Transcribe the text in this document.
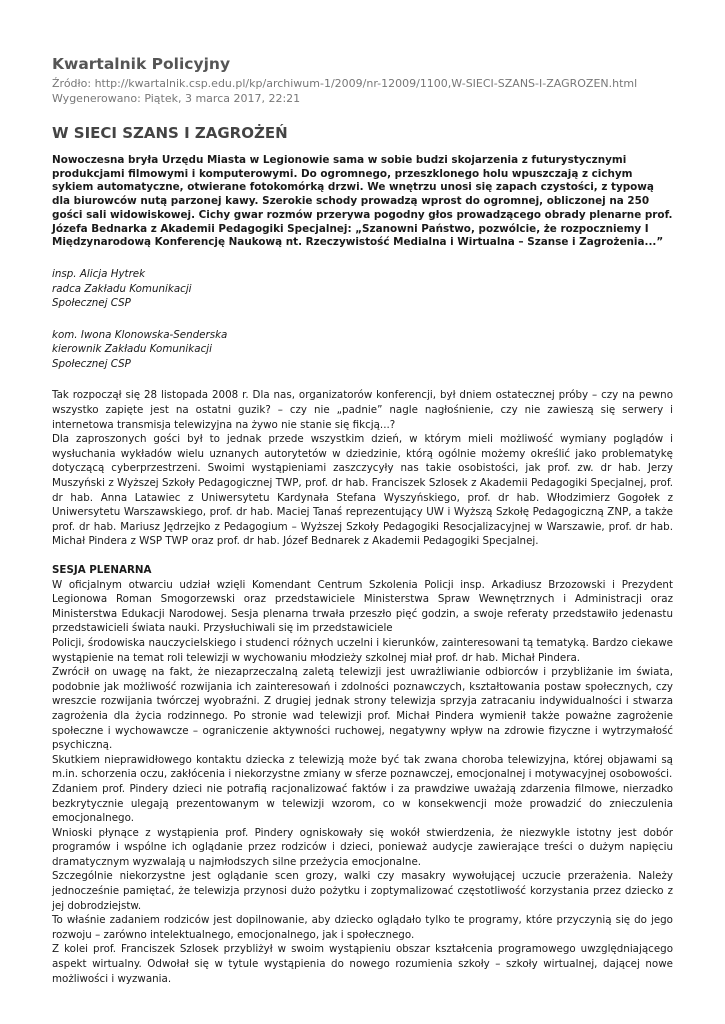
Kwartalnik Policyjny

Źródło: http://kwartalnik.csp.edu.pl/kp/archiwum-1/2009/nr-12009/1100,W-SIECI-SZANS-I-ZAGROZEN.html

Wygenerowano: Piątek, 3 marca 2017, 22:21

W SIECI SZANS I ZAGROŻEŃ

Nowoczesna bryła Urzędu Miasta w Legionowie sama w sobie budzi skojarzenia z futurystycznymi produkcjami filmowymi i komputerowymi. Do ogromnego, przeszklonego holu wpuszczają z cichym sykiem automatyczne, otwierane fotokomórką drzwi. We wnętrzu unosi się zapach czystości, z typową dla biurowców nutą parzonej kawy. Szerokie schody prowadzą wprost do ogromnej, obliczonej na 250 gości sali widowiskowej. Cichy gwar rozmów przerywa pogodny głos prowadzącego obrady plenarne prof. Józefa Bednarka z Akademii Pedagogiki Specjalnej: „Szanowni Państwo, pozwólcie, że rozpoczniemy I Międzynarodową Konferencję Naukową nt. Rzeczywistość Medialna i Wirtualna – Szanse i Zagrożenia...”

insp. Alicja Hytrek
radca Zakładu Komunikacji
Społecznej CSP
kom. Iwona Klonowska-Senderska
kierownik Zakładu Komunikacji
Społecznej CSP

Tak rozpoczął się 28 listopada 2008 r. Dla nas, organizatorów konferencji, był dniem ostatecznej próby – czy na pewno wszystko zapięte jest na ostatni guzik? – czy nie „padnie” nagle nagłośnienie, czy nie zawieszą się serwery i internetowa transmisja telewizyjna na żywo nie stanie się fikcją...?

Dla zaproszonych gości był to jednak przede wszystkim dzień, w którym mieli możliwość wymiany poglądów i wysłuchania wykładów wielu uznanych autorytetów w dziedzinie, którą ogólnie możemy określić jako problematykę dotyczącą cyberprzestrzeni. Swoimi wystąpieniami zaszczycyły nas takie osobistości, jak prof. zw. dr hab. Jerzy Muszyński z Wyższej Szkoły Pedagogicznej TWP, prof. dr hab. Franciszek Szlosek z Akademii Pedagogiki Specjalnej, prof. dr hab. Anna Latawiec z Uniwersytetu Kardynała Stefana Wyszyńskiego, prof. dr hab. Włodzimierz Gogołek z Uniwersytetu Warszawskiego, prof. dr hab. Maciej Tanaś reprezentujący UW i Wyższą Szkołę Pedagogiczną ZNP, a także prof. dr hab. Mariusz Jędrzejko z Pedagogium – Wyższej Szkoły Pedagogiki Resocjalizacyjnej w Warszawie, prof. dr hab. Michał Pindera z WSP TWP oraz prof. dr hab. Józef Bednarek z Akademii Pedagogiki Specjalnej.

SESJA PLENARNA

W oficjalnym otwarciu udział wzięli Komendant Centrum Szkolenia Policji insp. Arkadiusz Brzozowski i Prezydent Legionowa Roman Smogorzewski oraz przedstawiciele Ministerstwa Spraw Wewnętrznych i Administracji oraz Ministerstwa Edukacji Narodowej. Sesja plenarna trwała przeszło pięć godzin, a swoje referaty przedstawiło jedenastu przedstawicieli świata nauki. Przysłuchiwali się im przedstawiciele

Policji, środowiska nauczycielskiego i studenci różnych uczelni i kierunków, zainteresowani tą tematyką. Bardzo ciekawe wystąpienie na temat roli telewizji w wychowaniu młodzieży szkolnej miał prof. dr hab. Michał Pindera.

Zwrócił on uwagę na fakt, że niezaprzeczalną zaletą telewizji jest uwrażliwianie odbiorców i przybliżanie im świata, podobnie jak możliwość rozwijania ich zainteresowań i zdolności poznawczych, kształtowania postaw społecznych, czy wreszcie rozwijania twórczej wyobraźni. Z drugiej jednak strony telewizja sprzyja zatracaniu indywidualności i stwarza zagrożenia dla życia rodzinnego. Po stronie wad telewizji prof. Michał Pindera wymienił także poważne zagrożenie społeczne i wychowawcze – ograniczenie aktywności ruchowej, negatywny wpływ na zdrowie fizyczne i wytrzymałość psychiczną.

Skutkiem nieprawidłowego kontaktu dziecka z telewizją może być tak zwana choroba telewizyjna, której objawami są m.in. schorzenia oczu, zakłócenia i niekorzystne zmiany w sferze poznawczej, emocjonalnej i motywacyjnej osobowości.

Zdaniem prof. Pindery dzieci nie potrafią racjonalizować faktów i za prawdziwe uważają zdarzenia filmowe, nierzadko bezkrytycznie ulegają prezentowanym w telewizji wzorom, co w konsekwencji może prowadzić do znieczulenia emocjonalnego.

Wnioski płynące z wystąpienia prof. Pindery ogniskowały się wokół stwierdzenia, że niezwykle istotny jest dobór programów i wspólne ich oglądanie przez rodziców i dzieci, ponieważ audycje zawierające treści o dużym napięciu dramatycznym wyzwalają u najmłodszych silne przeżycia emocjonalne.

Szczególnie niekorzystne jest oglądanie scen grozy, walki czy masakry wywołującej uczucie przerażenia. Należy jednocześnie pamiętać, że telewizja przynosi dużo pożytku i zoptymalizować częstotliwość korzystania przez dziecko z jej dobrodziejstw.

To właśnie zadaniem rodziców jest dopilnowanie, aby dziecko oglądało tylko te programy, które przyczynią się do jego rozwoju – zarówno intelektualnego, emocjonalnego, jak i społecznego.

Z kolei prof. Franciszek Szlosek przybliżył w swoim wystąpieniu obszar kształcenia programowego uwzględniającego aspekt wirtualny. Odwołał się w tytule wystąpienia do nowego rozumienia szkoły – szkoły wirtualnej, dającej nowe możliwości i wyzwania.
